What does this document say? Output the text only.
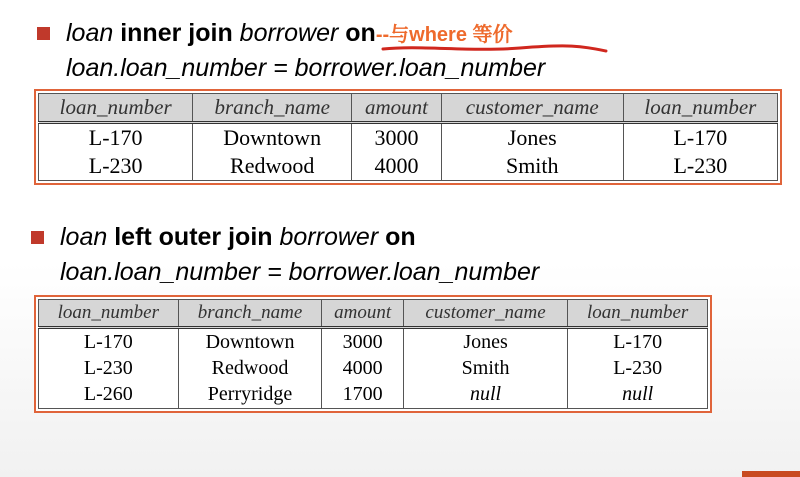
loan inner join borrower on--与where 等价
loan.loan_number = borrower.loan_number
loan_number	branch_name	amount	customer_name	loan_number
L-170	Downtown	3000	Jones	L-170
L-230	Redwood	4000	Smith	L-230
loan left outer join borrower on
loan.loan_number = borrower.loan_number
loan_number	branch_name	amount	customer_name	loan_number
L-170	Downtown	3000	Jones	L-170
L-230	Redwood	4000	Smith	L-230
L-260	Perryridge	1700	null	null
